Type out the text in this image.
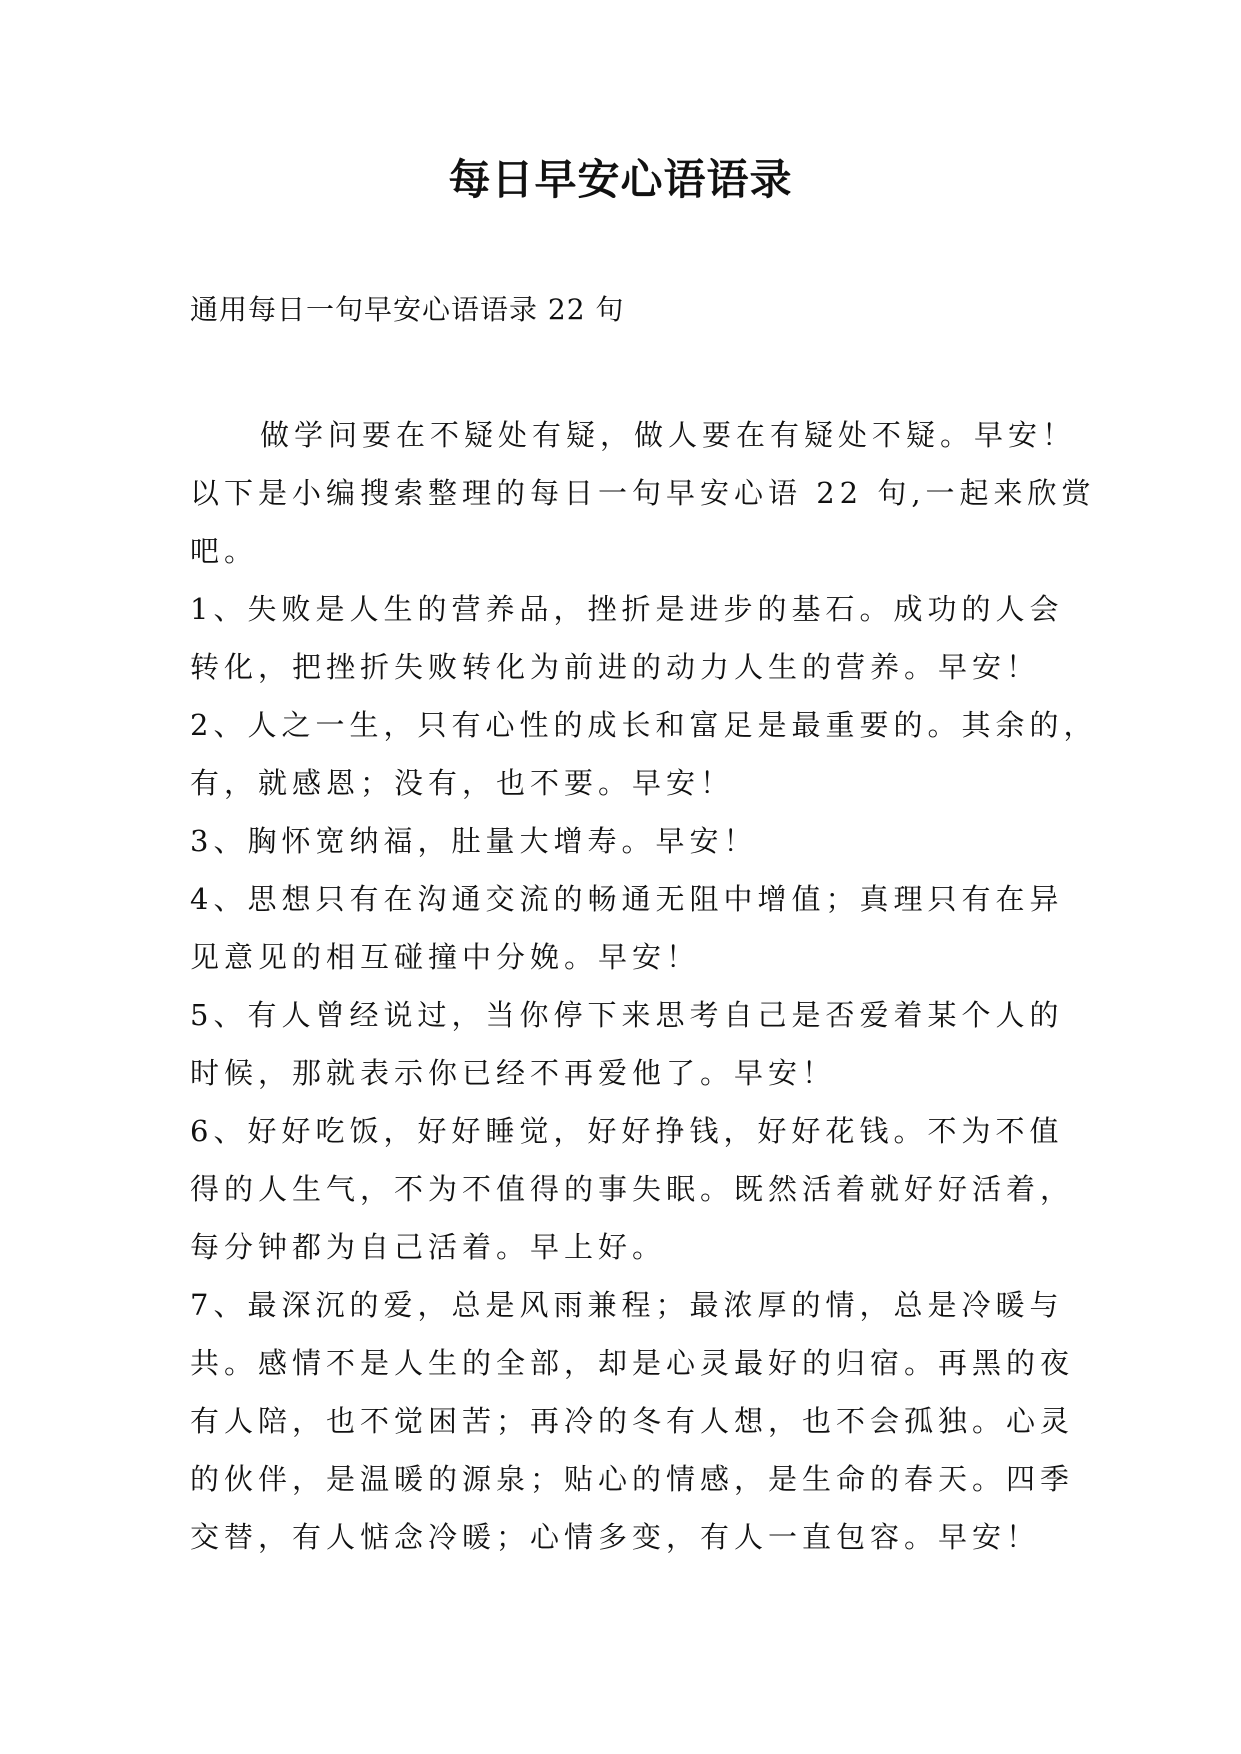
每日早安心语语录
通用每日一句早安心语语录 22 句
做学问要在不疑处有疑，做人要在有疑处不疑。早安！
以下是小编搜索整理的每日一句早安心语 22 句,一起来欣赏
吧。
1、失败是人生的营养品，挫折是进步的基石。成功的人会
转化，把挫折失败转化为前进的动力人生的营养。早安！
2、人之一生，只有心性的成长和富足是最重要的。其余的，
有，就感恩；没有，也不要。早安！
3、胸怀宽纳福，肚量大增寿。早安！
4、思想只有在沟通交流的畅通无阻中增值；真理只有在异
见意见的相互碰撞中分娩。早安！
5、有人曾经说过，当你停下来思考自己是否爱着某个人的
时候，那就表示你已经不再爱他了。早安！
6、好好吃饭，好好睡觉，好好挣钱，好好花钱。不为不值
得的人生气，不为不值得的事失眠。既然活着就好好活着，
每分钟都为自己活着。早上好。
7、最深沉的爱，总是风雨兼程；最浓厚的情，总是冷暖与
共。感情不是人生的全部，却是心灵最好的归宿。再黑的夜
有人陪，也不觉困苦；再冷的冬有人想，也不会孤独。心灵
的伙伴，是温暖的源泉；贴心的情感，是生命的春天。四季
交替，有人惦念冷暖；心情多变，有人一直包容。早安！
